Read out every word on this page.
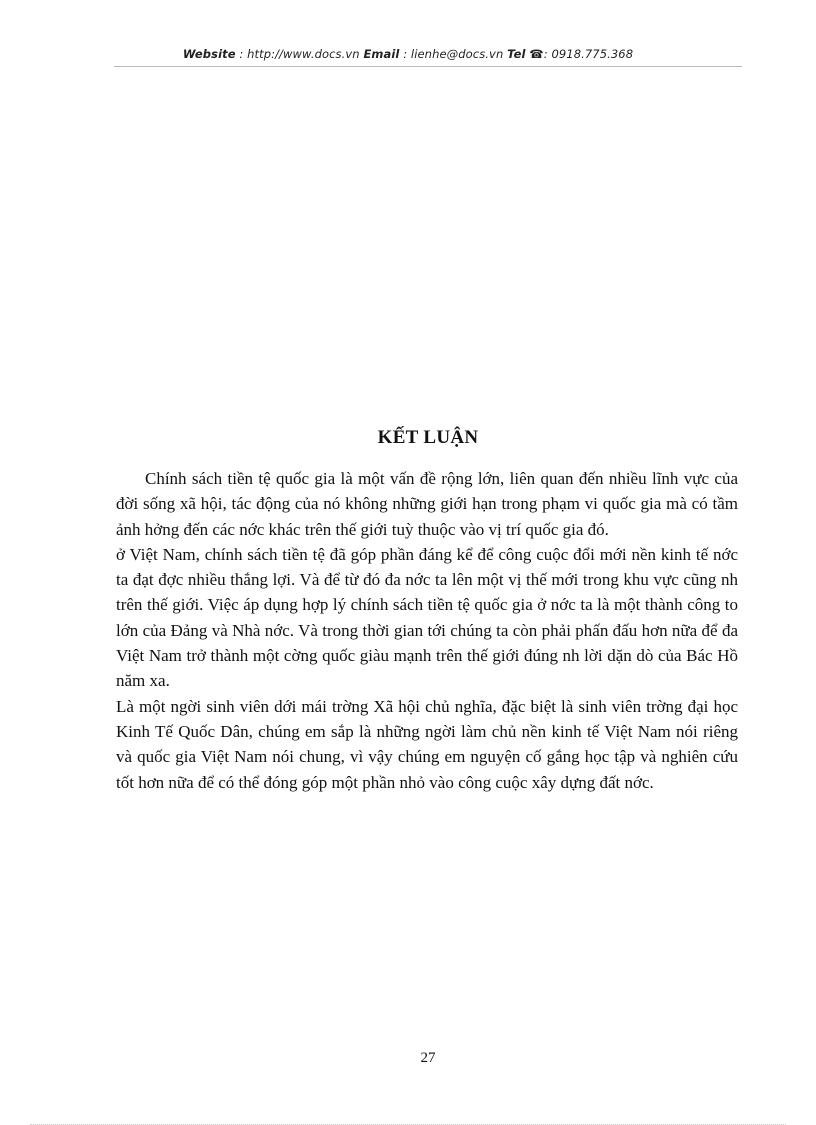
Website : http://www.docs.vn Email : lienhe@docs.vn Tel ☎: 0918.775.368
KẾT LUẬN

Chính sách tiền tệ quốc gia là một vấn đề rộng lớn, liên quan đến nhiều lĩnh vực của đời sống xã hội, tác động của nó không những giới hạn trong phạm vi quốc gia mà có tầm ảnh hởng đến các nớc khác trên thế giới tuỳ thuộc vào vị trí quốc gia đó.

ở Việt Nam, chính sách tiền tệ đã góp phần đáng kể để công cuộc đổi mới nền kinh tế nớc ta đạt đợc nhiều thắng lợi. Và để từ đó đa nớc ta lên một vị thế mới trong khu vực cũng nh trên thế giới. Việc áp dụng hợp lý chính sách tiền tệ quốc gia ở nớc ta là một thành công to lớn của Đảng và Nhà nớc. Và trong thời gian tới chúng ta còn phải phấn đấu hơn nữa để đa Việt Nam trở thành một cờng quốc giàu mạnh trên thế giới đúng nh lời dặn dò của Bác Hồ năm xa.

Là một ngời sinh viên dới mái trờng Xã hội chủ nghĩa, đặc biệt là sinh viên trờng đại học Kinh Tế Quốc Dân, chúng em sắp là những ngời làm chủ nền kinh tế Việt Nam nói riêng và quốc gia Việt Nam nói chung, vì vậy chúng em nguyện cố gắng học tập và nghiên cứu tốt hơn nữa để có thể đóng góp một phần nhỏ vào công cuộc xây dựng đất nớc.

27
